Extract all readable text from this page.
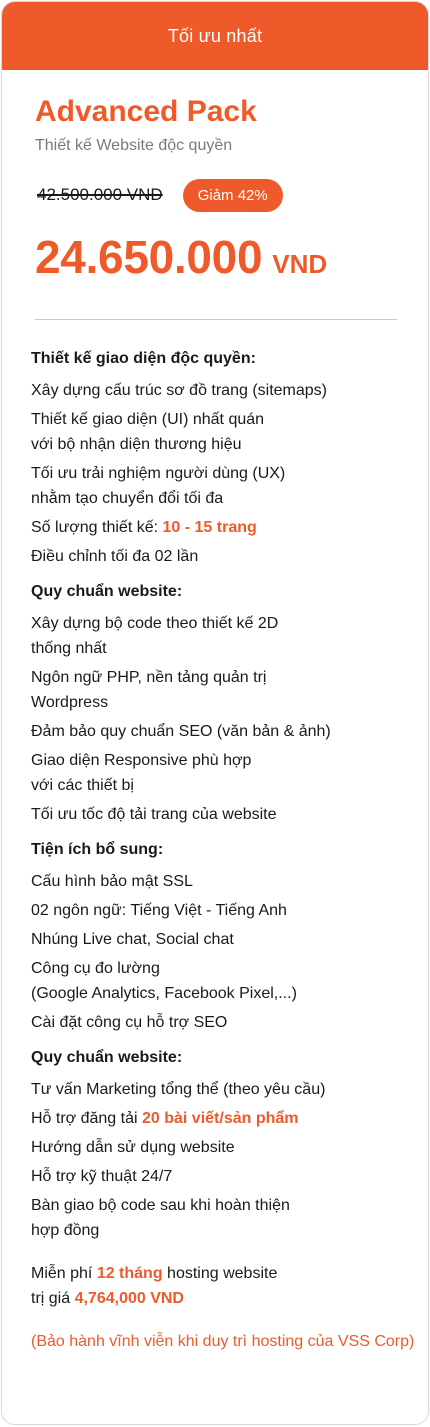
Tối ưu nhất
Advanced Pack
Thiết kế Website độc quyền
42.500.000 VND	Giảm 42%
24.650.000 VND
Thiết kế giao diện độc quyền:
Xây dựng cấu trúc sơ đồ trang (sitemaps)
Thiết kế giao diện (UI) nhất quán
với bộ nhận diện thương hiệu
Tối ưu trải nghiệm người dùng (UX)
nhằm tạo chuyển đổi tối đa
Số lượng thiết kế: 10 - 15 trang
Điều chỉnh tối đa 02 lần
Quy chuẩn website:
Xây dựng bộ code theo thiết kế 2D
thống nhất
Ngôn ngữ PHP, nền tảng quản trị
Wordpress
Đảm bảo quy chuẩn SEO (văn bản & ảnh)
Giao diện Responsive phù hợp
với các thiết bị
Tối ưu tốc độ tải trang của website
Tiện ích bổ sung:
Cấu hình bảo mật SSL
02 ngôn ngữ: Tiếng Việt - Tiếng Anh
Nhúng Live chat, Social chat
Công cụ đo lường
(Google Analytics, Facebook Pixel,...)
Cài đặt công cụ hỗ trợ SEO
Quy chuẩn website:
Tư vấn Marketing tổng thể (theo yêu cầu)
Hỗ trợ đăng tải 20 bài viết/sản phẩm
Hướng dẫn sử dụng website
Hỗ trợ kỹ thuật 24/7
Bàn giao bộ code sau khi hoàn thiện
hợp đồng
Miễn phí 12 tháng hosting website
trị giá 4,764,000 VND
(Bảo hành vĩnh viễn khi duy trì hosting của VSS Corp)
